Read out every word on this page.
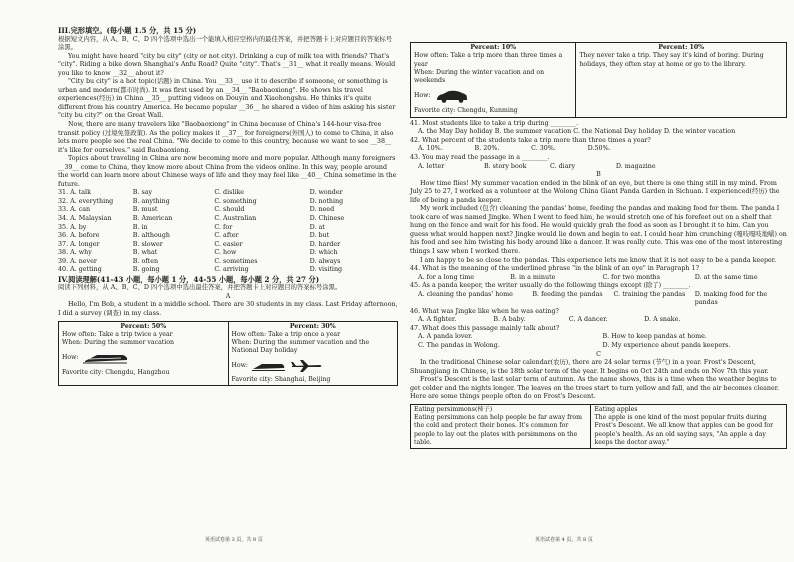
III.完形填空。(每小题 1.5 分，共 15 分)

根据短文内容，从 A、B、C、D 四个选项中选出一个能填入相应空格内的最佳答案，并把答题卡上对应题目的答案标号涂黑。

You might have heard "city bu city" (city or not city). Drinking a cup of milk tea with friends? That's "city". Riding a bike down Shanghai's Anfu Road? Quite "city". That's __31__ what it really means. Would you like to know __32__ about it?

"City bu city" is a hot topic(话题) in China. You __33__ use it to describe if someone, or something is urban and modern(都市时尚). It was first used by an __34__ "Baobaoxiong". He shows his travel experiences(经历) in China __35__ putting videos on Douyin and Xiaohongshu. He thinks it's quite different from his country America. He became popular __36__ he shared a video of him asking his sister "city bu city?" on the Great Wall.

Now, there are many travelers like "Baobaoxiong" in China because of China's 144-hour visa-free transit policy (过境免签政策). As the policy makes it __37__ for foreigners(外国人) to come to China, it also lets more people see the real China. "We decide to come to this country, because we want to see __38__ it's like for ourselves." said Baobaoxiong.

Topics about traveling in China are now becoming more and more popular. Although many foreigners __39__ come to China, they know more about China from the videos online. In this way, people around the world can learn more about Chinese ways of life and they may feel like __40__ China sometime in the future.

31. A. talk	B. say	C. dislike	D. wonder
32. A. everything	B. anything	C. something	D. nothing
33. A. can	B. must	C. should	D. need
34. A. Malaysian	B. American	C. Australian	D. Chinese
35. A. by	B. in	C. for	D. at
36. A. before	B. although	C. after	D. but
37. A. longer	B. slower	C. easier	D. harder
38. A. why	B. what	C. how	D. which
39. A. never	B. often	C. sometimes	D. always
40. A. getting	B. going	C. arriving	D. visiting

IV.阅读理解(41-43 小题，每小题 1 分，44-55 小题，每小题 2 分，共 27 分)

阅读下列材料，从 A、B、C、D 四个选项中选出最佳答案，并把答题卡上对应题目的答案标号涂黑。

A

Hello, I'm Bob, a student in a middle school. There are 30 students in my class. Last Friday afternoon, I did a survey (调查) in my class.

Percent: 50%
How often: Take a trip twice a year
When: During the summer vacation
How:
Favorite city: Chengdu, Hangzhou

Percent: 30%
How often: Take a trip once a year
When: During the summer vacation and the National Day holiday
How:
Favorite city: Shanghai, Beijing
英语试卷第 3 页，共 8 页
Percent: 10%
How often: Take a trip more than three times a year
When: During the winter vacation and on weekends
How:
Favorite city: Chengdu, Kunming

Percent: 10%
They never take a trip. They say it's kind of boring. During holidays, they often stay at home or go to the library.

41. Most students like to take a trip during ________.

A. the May Day holiday B. the summer vacation C. the National Day holiday D. the winter vacation

42. What percent of the students take a trip more than three times a year?

A. 10%.	B. 20%.	C. 30%.	D.50%.

43. You may read the passage in a ________.

A. letter	B. story book	C. diary	D. magazine

B

How time flies! My summer vacation ended in the blink of an eye, but there is one thing still in my mind. From July 25 to 27, I worked as a volunteer at the Wolong China Giant Panda Garden in Sichuan. I experienced(经历) the life of being a panda keeper.

My work included (包含) cleaning the pandas' home, feeding the pandas and making food for them. The panda I took care of was named Jingke. When I went to feed him, he would stretch one of his forefeet out on a shelf that hung on the fence and wait for his food. He would quickly grab the food as soon as I brought it to him. Can you guess what would happen next? Jingke would lie down and begin to eat. I could hear him crunching (嘎吱嘎吱地嚼) on his food and see him twisting his body around like a dancer. It was really cute. This was one of the most interesting things I saw when I worked there.

I am happy to be so close to the pandas. This experience lets me know that it is not easy to be a panda keeper.

44. What is the meaning of the underlined phrase "in the blink of an eye" in Paragraph 1?

A. for a long time	B. in a minute	C. for two months	D. at the same time

45. As a panda keeper, the writer usually do the following things except (除了) ________.

A. cleaning the pandas' home	B. feeding the pandas	C. training the pandas	D. making food for the pandas

46. What was Jingke like when he was eating?

A. A fighter.	B. A baby.	C. A dancer.	D. A snake.

47. What does this passage mainly talk about?

A. A panda lover.	B. How to keep pandas at home.
C. The pandas in Wolong.	D. My experience about panda keepers.

C

In the traditional Chinese solar calendar(农历), there are 24 solar terms (节气) in a year. Frost's Descent, Shuangjiang in Chinese, is the 18th solar term of the year. It begins on Oct 24th and ends on Nov 7th this year.

Frost's Descent is the last solar term of autumn. As the name shows, this is a time when the weather begins to get colder and the nights longer. The leaves on the trees start to turn yellow and fall, and the air becomes cleaner. Here are some things people often do on Frost's Descent.

Eating persimmons(柿子)
Eating persimmons can help people be far away from the cold and protect their bones. It's common for people to lay out the plates with persimmons on the table.

Eating apples
The apple is one kind of the most popular fruits during Frost's Descent. We all know that apples can be good for people's health. As an old saying says, "An apple a day keeps the doctor away."
英语试卷第 4 页，共 8 页
